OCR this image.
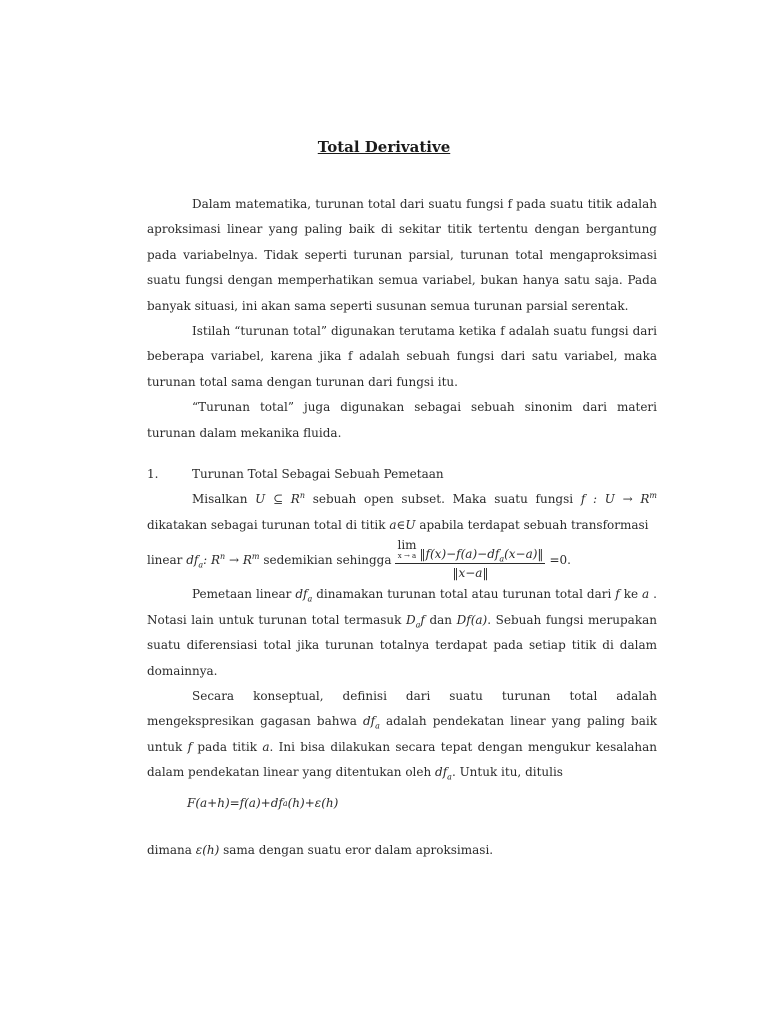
Total Derivative

Dalam matematika, turunan total dari suatu fungsi f pada suatu titik adalah aproksimasi linear yang paling baik di sekitar titik tertentu dengan bergantung pada variabelnya. Tidak seperti turunan parsial, turunan total mengaproksimasi suatu fungsi dengan memperhatikan semua variabel, bukan hanya satu saja. Pada banyak situasi, ini akan sama seperti susunan semua turunan parsial serentak.

Istilah “turunan total” digunakan terutama ketika f adalah suatu fungsi dari beberapa variabel, karena jika f adalah sebuah fungsi dari satu variabel, maka turunan total sama dengan turunan dari fungsi itu.

“Turunan total” juga digunakan sebagai sebuah sinonim dari materi turunan dalam mekanika fluida.

1.	Turunan Total Sebagai Sebuah Pemetaan

Misalkan U ⊆ $R^n$ sebuah open subset. Maka suatu fungsi f : $U \to R^m$ dikatakan sebagai turunan total di titik a∈U apabila terdapat sebuah transformasi

linear
$df_a$: $R^n \to R^m$
sedemikian sehingga lim
x → a $‖f(x)-f(a)-df_a(x-a)‖$
‖x−a‖ =0.

Pemetaan linear $df_a$ dinamakan turunan total atau turunan total dari f ke a . Notasi lain untuk turunan total termasuk $D_af$ dan Df(a). Sebuah fungsi merupakan suatu diferensiasi total jika turunan totalnya terdapat pada setiap titik di dalam domainnya.

Secara konseptual, definisi dari suatu turunan total adalah mengekspresikan gagasan bahwa $df_a$ adalah pendekatan linear yang paling baik untuk f pada titik a. Ini bisa dilakukan secara tepat dengan mengukur kesalahan dalam pendekatan linear yang ditentukan oleh $df_a$. Untuk itu, ditulis

F(a+h)=f(a)+df a (h)+ε(h)

dimana ε(h) sama dengan suatu eror dalam aproksimasi.
